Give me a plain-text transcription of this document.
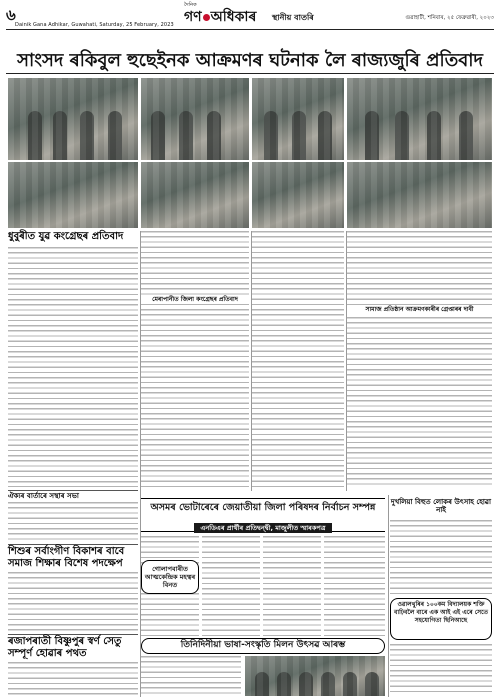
৬
Dainik Gana Adhikar, Guwahati, Saturday, 25 February, 2023
দৈনিক
গণ অধিকাৰ স্থানীয় বাতৰি	গুৱাহাটী, শনিবাৰ, ২৫ ফেব্ৰুৱাৰী, ২০২৩
সাংসদ ৰকিবুল হুছেইনক আক্ৰমণৰ ঘটনাক লৈ ৰাজ্যজুৰি প্ৰতিবাদ
ধুবুৰীত যুৱ কংগ্ৰেছৰ প্ৰতিবাদ
মেৰাপানীত জিলা কংগ্ৰেছৰ প্ৰতিবাদ
সামাজ প্ৰতিষ্ঠান আক্ৰমণকাৰীৰ গ্ৰেপ্তাৰৰ দাবী
ঐক্যৰ বাৰ্তাৰে সস্থাৰ সভা
শিশুৰ সৰ্বাংগীণ বিকাশৰ বাবে সমাজ শিক্ষাৰ বিশেষ পদক্ষেপ
ৰজাপৰাতী বিষ্ণুপুৰ স্বৰ্ণ সেতু সম্পূৰ্ণ হোৱাৰ পথত
অসমৰ ভোটাৰেৰে জেয়াতীয়া জিলা পৰিষদৰ নিৰ্বাচন সম্পন্ন
এনডিএৰ প্ৰাৰ্থীৰ প্ৰতিদ্বন্দ্বী, মাজুলীত স্মাৰকপত্ৰ
গোলাপবাৰীত আত্মকেন্দ্ৰিক মহত্বৰ বিনত
তিনিদিনীয়া ভাষা-সংস্কৃতি মিলন উৎসৱ আৰম্ভ
দুখলিয়া বিহুত লোকৰ উৎসাহ হোৱা নাই
ওৱালথুৰিৰ ১০০কম বিদ্যালয়ক শক্তি বাঢ়িবলৈ বাৰে এক আই এই এৰে সেতে সহযোগিতা ছিনিআছে
